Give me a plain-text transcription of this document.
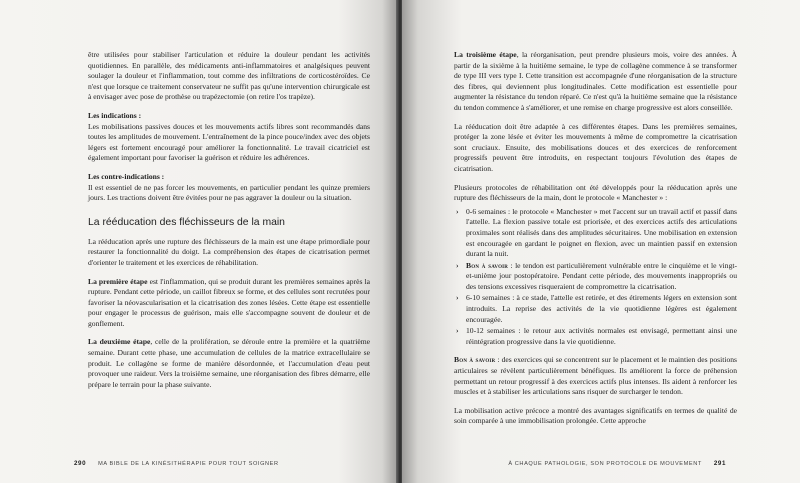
être utilisées pour stabiliser l'articulation et réduire la douleur pendant les activités quotidiennes. En parallèle, des médicaments anti-inflammatoires et analgésiques peuvent soulager la douleur et l'inflammation, tout comme des infiltrations de corticostéroïdes. Ce n'est que lorsque ce traitement conservateur ne suffit pas qu'une intervention chirurgicale est à envisager avec pose de prothèse ou trapézectomie (on retire l'os trapèze).

Les indications :

Les mobilisations passives douces et les mouvements actifs libres sont recommandés dans toutes les amplitudes de mouvement. L'entraînement de la pince pouce/index avec des objets légers est fortement encouragé pour améliorer la fonctionnalité. Le travail cicatriciel est également important pour favoriser la guérison et réduire les adhérences.

Les contre-indications :

Il est essentiel de ne pas forcer les mouvements, en particulier pendant les quinze premiers jours. Les tractions doivent être évitées pour ne pas aggraver la douleur ou la situation.

La rééducation des fléchisseurs de la main

La rééducation après une rupture des fléchisseurs de la main est une étape primordiale pour restaurer la fonctionnalité du doigt. La compréhension des étapes de cicatrisation permet d'orienter le traitement et les exercices de réhabilitation.

La première étape est l'inflammation, qui se produit durant les premières semaines après la rupture. Pendant cette période, un caillot fibreux se forme, et des cellules sont recrutées pour favoriser la néovascularisation et la cicatrisation des zones lésées. Cette étape est essentielle pour engager le processus de guérison, mais elle s'accompagne souvent de douleur et de gonflement.

La deuxième étape, celle de la prolifération, se déroule entre la première et la quatrième semaine. Durant cette phase, une accumulation de cellules de la matrice extracellulaire se produit. Le collagène se forme de manière désordonnée, et l'accumulation d'eau peut provoquer une raideur. Vers la troisième semaine, une réorganisation des fibres démarre, elle prépare le terrain pour la phase suivante.

290 MA BIBLE DE LA KINÉSITHÉRAPIE POUR TOUT SOIGNER

La troisième étape, la réorganisation, peut prendre plusieurs mois, voire des années. À partir de la sixième à la huitième semaine, le type de collagène commence à se transformer de type III vers type I. Cette transition est accompagnée d'une réorganisation de la structure des fibres, qui deviennent plus longitudinales. Cette modification est essentielle pour augmenter la résistance du tendon réparé. Ce n'est qu'à la huitième semaine que la résistance du tendon commence à s'améliorer, et une remise en charge progressive est alors conseillée.

La rééducation doit être adaptée à ces différentes étapes. Dans les premières semaines, protéger la zone lésée et éviter les mouvements à même de compromettre la cicatrisation sont cruciaux. Ensuite, des mobilisations douces et des exercices de renforcement progressifs peuvent être introduits, en respectant toujours l'évolution des étapes de cicatrisation.

Plusieurs protocoles de réhabilitation ont été développés pour la rééducation après une rupture des fléchisseurs de la main, dont le protocole « Manchester » :

› 0-6 semaines : le protocole « Manchester » met l'accent sur un travail actif et passif dans l'attelle. La flexion passive totale est priorisée, et des exercices actifs des articulations proximales sont réalisés dans des amplitudes sécuritaires. Une mobilisation en extension est encouragée en gardant le poignet en flexion, avec un maintien passif en extension durant la nuit.
› Bon à savoir : le tendon est particulièrement vulnérable entre le cinquième et le vingt-et-unième jour postopératoire. Pendant cette période, des mouvements inappropriés ou des tensions excessives risqueraient de compromettre la cicatrisation.
› 6-10 semaines : à ce stade, l'attelle est retirée, et des étirements légers en extension sont introduits. La reprise des activités de la vie quotidienne légères est également encouragée.
› 10-12 semaines : le retour aux activités normales est envisagé, permettant ainsi une réintégration progressive dans la vie quotidienne.

Bon à savoir : des exercices qui se concentrent sur le placement et le maintien des positions articulaires se révèlent particulièrement bénéfiques. Ils améliorent la force de préhension permettant un retour progressif à des exercices actifs plus intenses. Ils aident à renforcer les muscles et à stabiliser les articulations sans risquer de surcharger le tendon.

La mobilisation active précoce a montré des avantages significatifs en termes de qualité de soin comparée à une immobilisation prolongée. Cette approche

À CHAQUE PATHOLOGIE, SON PROTOCOLE DE MOUVEMENT 291
